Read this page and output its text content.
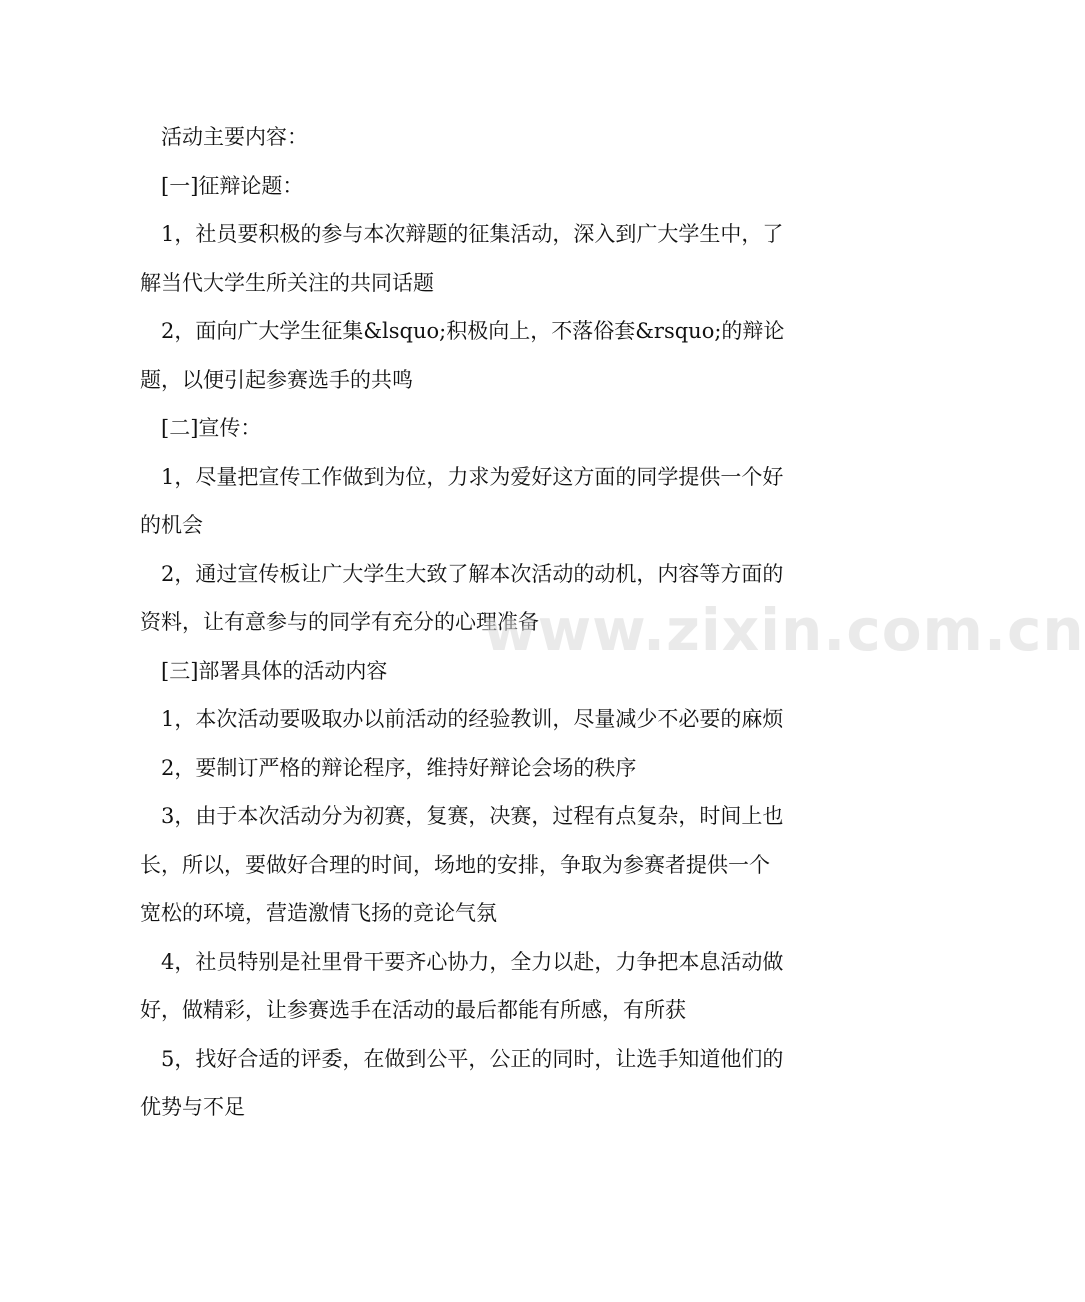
活动主要内容：

[一]征辩论题：

1，社员要积极的参与本次辩题的征集活动，深入到广大学生中，了解当代大学生所关注的共同话题

2，面向广大学生征集&lsquo;积极向上，不落俗套&rsquo;的辩论题，以便引起参赛选手的共鸣

[二]宣传：

1，尽量把宣传工作做到为位，力求为爱好这方面的同学提供一个好的机会

2，通过宣传板让广大学生大致了解本次活动的动机，内容等方面的资料，让有意参与的同学有充分的心理准备

[三]部署具体的活动内容

1，本次活动要吸取办以前活动的经验教训，尽量减少不必要的麻烦

2，要制订严格的辩论程序，维持好辩论会场的秩序

3，由于本次活动分为初赛，复赛，决赛，过程有点复杂，时间上也长，所以，要做好合理的时间，场地的安排，争取为参赛者提供一个宽松的环境，营造激情飞扬的竞论气氛

4，社员特别是社里骨干要齐心协力，全力以赴，力争把本息活动做好，做精彩，让参赛选手在活动的最后都能有所感，有所获

5，找好合适的评委，在做到公平，公正的同时，让选手知道他们的优势与不足

www.zixin.com.cn
